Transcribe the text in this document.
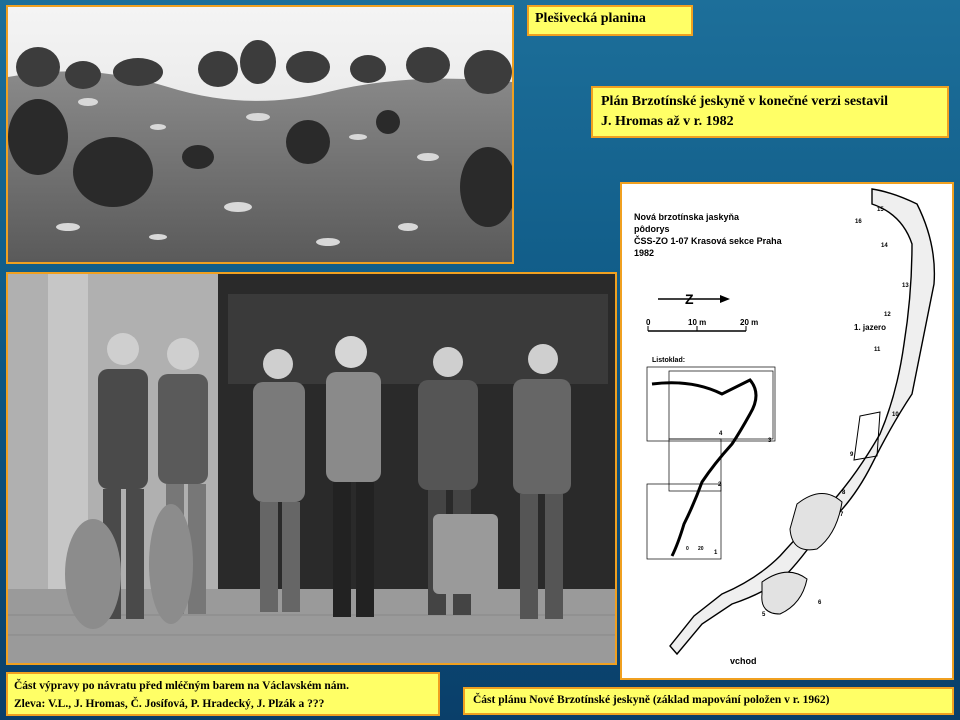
Plešivecká planina
Plán Brzotínské jeskyně v konečné verzi sestavil
J. Hromas až v r. 1982
Nová brzotínska jaskyňa
pôdorys
ČSS-ZO 1-07 Krasová sekce Praha
1982
Z
0	10 m	20 m
Listoklad:
4
3
2
1
0 20
1. jazero
vchod
16
15
14
13
12
11
10
9
8
7
6
5
Část výpravy po návratu před mléčným barem na Václavském nám.
Zleva: V.L., J. Hromas, Č. Josífová, P. Hradecký, J. Plzák a ???	Část plánu Nové Brzotínské jeskyně (základ mapování položen v r. 1962)
